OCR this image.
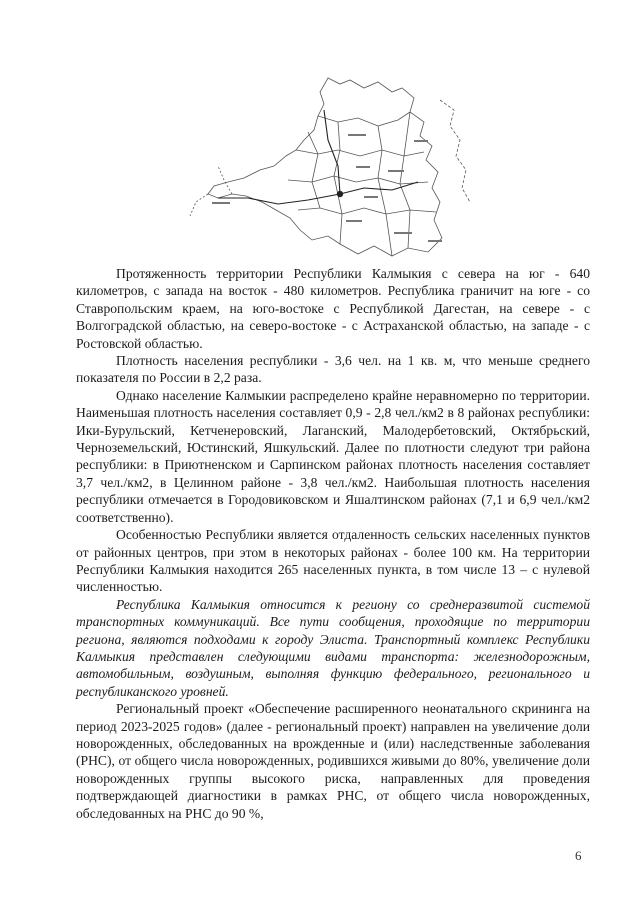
Протяженность территории Республики Калмыкия с севера на юг - 640 километров, с запада на восток - 480 километров. Республика граничит на юге - со Ставропольским краем, на юго-востоке с Республикой Дагестан, на севере - с Волгоградской областью, на северо-востоке - с Астраханской областью, на западе - с Ростовской областью.

Плотность населения республики - 3,6 чел. на 1 кв. м, что меньше среднего показателя по России в 2,2 раза.

Однако население Калмыкии распределено крайне неравномерно по территории. Наименьшая плотность населения составляет 0,9 - 2,8 чел./км2 в 8 районах республики: Ики-Бурульский, Кетченеровский, Лаганский, Малодербетовский, Октябрьский, Черноземельский, Юстинский, Яшкульский. Далее по плотности следуют три района республики: в Приютненском и Сарпинском районах плотность населения составляет 3,7 чел./км2, в Целинном районе - 3,8 чел./км2. Наибольшая плотность населения республики отмечается в Городовиковском и Яшалтинском районах (7,1 и 6,9 чел./км2 соответственно).

Особенностью Республики является отдаленность сельских населенных пунктов от районных центров, при этом в некоторых районах - более 100 км. На территории Республики Калмыкия находится 265 населенных пункта, в том числе 13 – с нулевой численностью.

Республика Калмыкия относится к региону со среднеразвитой системой транспортных коммуникаций. Все пути сообщения, проходящие по территории региона, являются подходами к городу Элиста. Транспортный комплекс Республики Калмыкия представлен следующими видами транспорта: железнодорожным, автомобильным, воздушным, выполняя функцию федерального, регионального и республиканского уровней.

Региональный проект «Обеспечение расширенного неонатального скрининга на период 2023-2025 годов» (далее - региональный проект) направлен на увеличение доли новорожденных, обследованных на врожденные и (или) наследственные заболевания (РНС), от общего числа новорожденных, родившихся живыми до 80%, увеличение доли новорожденных группы высокого риска, направленных для проведения подтверждающей диагностики в рамках РНС, от общего числа новорожденных, обследованных на РНС до 90 %,

6
